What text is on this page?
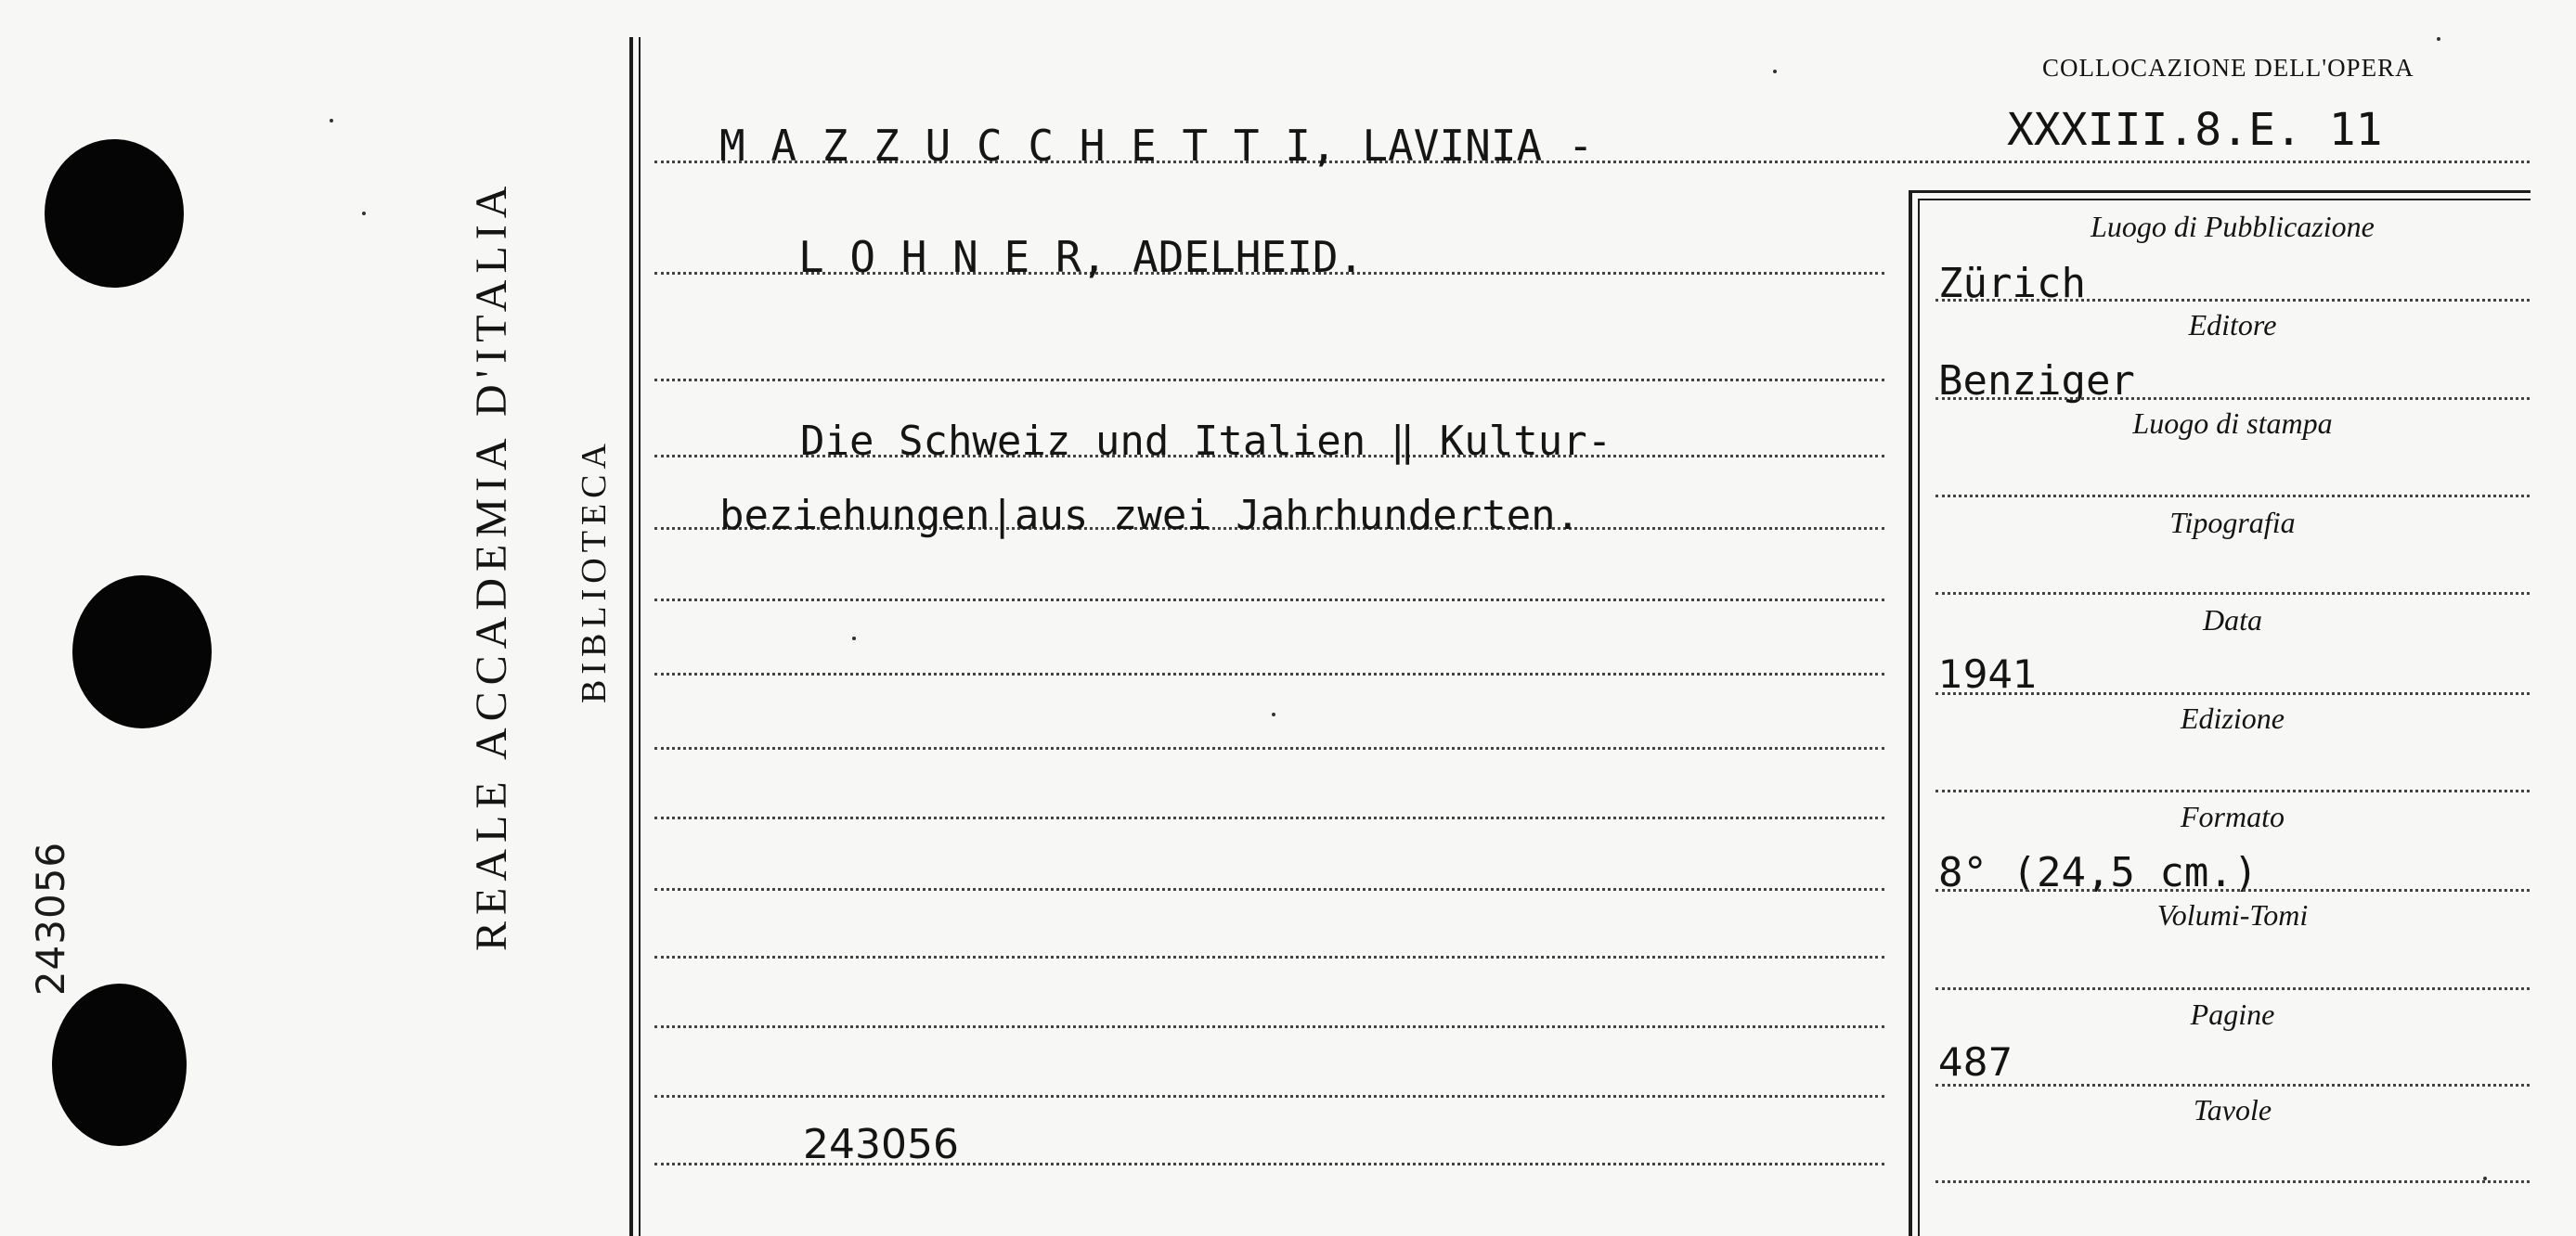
243056	REALE ACCADEMIA D'ITALIA BIBLIOTECA
COLLOCAZIONE DELL'OPERA
XXXIII.8.E. 11
M A Z Z U C C H E T T I, LAVINIA -
L O H N E R, ADELHEID.
Die Schweiz und Italien ‖ Kultur-
beziehungen|aus zwei Jahrhunderten.
243056
Luogo di Pubblicazione
Zürich
Editore
Benziger
Luogo di stampa
Tipografia
Data
1941
Edizione
Formato
8° (24,5 cm.)
Volumi-Tomi
Pagine
487
Tavole
